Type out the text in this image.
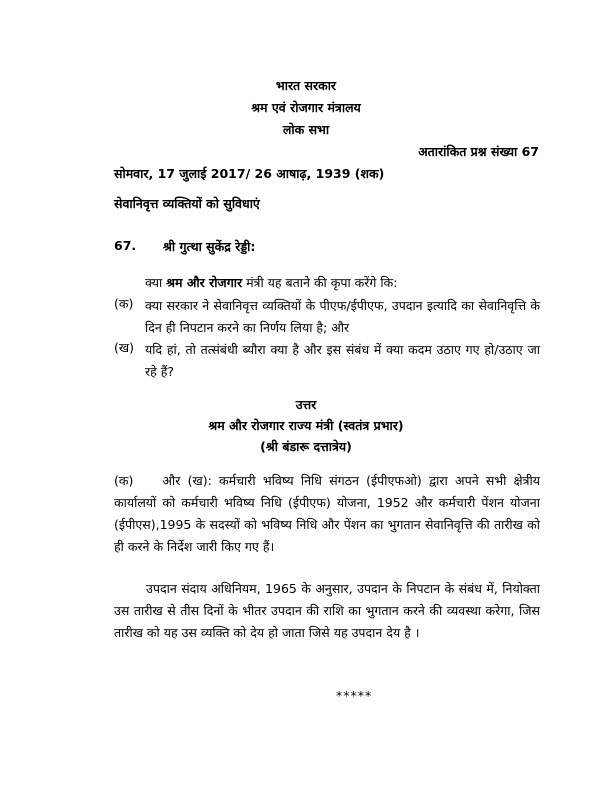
भारत सरकार
श्रम एवं रोजगार मंत्रालय
लोक सभा
अतारांकित प्रश्न संख्या 67
सोमवार, 17 जुलाई 2017/ 26 आषाढ़, 1939 (शक)
सेवानिवृत्त व्यक्तियों को सुविधाएं
67. श्री गुत्था सुकेंद्र रेड्डी:
क्या श्रम और रोजगार मंत्री यह बताने की कृपा करेंगे कि:
(क) क्या सरकार ने सेवानिवृत्त व्यक्तियों के पीएफ/ईपीएफ, उपदान इत्यादि का सेवानिवृत्ति के दिन ही निपटान करने का निर्णय लिया है; और
(ख) यदि हां, तो तत्संबंधी ब्यौरा क्या है और इस संबंध में क्या कदम उठाए गए हो/उठाए जा रहे हैं?
उत्तर
श्रम और रोजगार राज्य मंत्री (स्वतंत्र प्रभार)
(श्री बंडारू दत्तात्रेय)
(क)    और (ख): कर्मचारी भविष्य निधि संगठन (ईपीएफओ) द्वारा अपने सभी क्षेत्रीय कार्यालयों को कर्मचारी भविष्य निधि (ईपीएफ) योजना, 1952 और कर्मचारी पेंशन योजना (ईपीएस),1995 के सदस्यों को भविष्य निधि और पेंशन का भुगतान सेवानिवृत्ति की तारीख को ही करने के निर्देश जारी किए गए हैं।
उपदान संदाय अधिनियम, 1965 के अनुसार, उपदान के निपटान के संबंध में, नियोक्ता उस तारीख से तीस दिनों के भीतर उपदान की राशि का भुगतान करने की व्यवस्था करेगा, जिस तारीख को यह उस व्यक्ति को देय हो जाता जिसे यह उपदान देय है ।
*****
